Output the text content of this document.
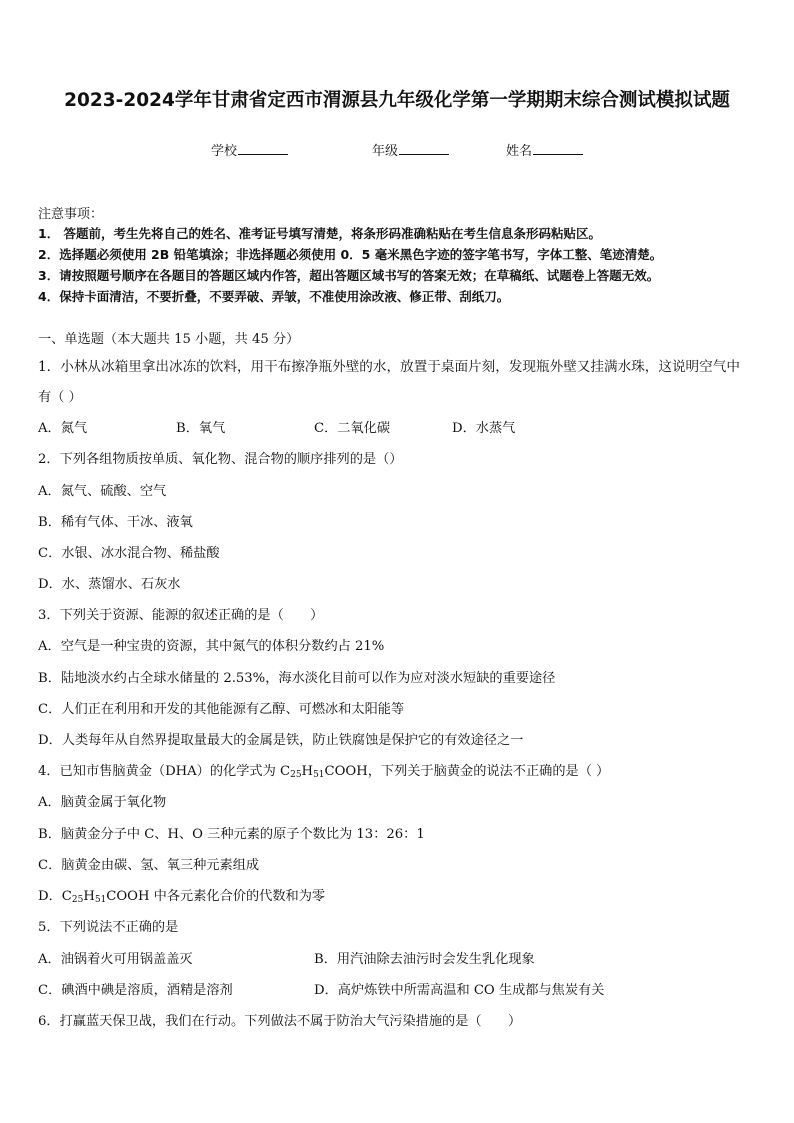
2023-2024学年甘肃省定西市渭源县九年级化学第一学期期末综合测试模拟试题
学校	年级	姓名
注意事项：
1． 答题前，考生先将自己的姓名、准考证号填写清楚，将条形码准确粘贴在考生信息条形码粘贴区。
2．选择题必须使用 2B 铅笔填涂；非选择题必须使用 0．5 毫米黑色字迹的签字笔书写，字体工整、笔迹清楚。
3．请按照题号顺序在各题目的答题区域内作答，超出答题区域书写的答案无效；在草稿纸、试题卷上答题无效。
4．保持卡面清洁，不要折叠，不要弄破、弄皱，不准使用涂改液、修正带、刮纸刀。
一、单选题（本大题共 15 小题，共 45 分）
1．小林从冰箱里拿出冰冻的饮料，用干布擦净瓶外壁的水，放置于桌面片刻，发现瓶外壁又挂满水珠，这说明空气中
有（ ）
A．氮气	B．氧气	C．二氧化碳	D．水蒸气
2．下列各组物质按单质、氧化物、混合物的顺序排列的是（）
A．氮气、硫酸、空气
B．稀有气体、干冰、液氧
C．水银、冰水混合物、稀盐酸
D．水、蒸馏水、石灰水
3．下列关于资源、能源的叙述正确的是（　　）
A．空气是一种宝贵的资源，其中氮气的体积分数约占 21%
B．陆地淡水约占全球水储量的 2.53%，海水淡化目前可以作为应对淡水短缺的重要途径
C．人们正在利用和开发的其他能源有乙醇、可燃冰和太阳能等
D．人类每年从自然界提取量最大的金属是铁，防止铁腐蚀是保护它的有效途径之一
4．已知市售脑黄金（DHA）的化学式为 $C_{25}H_{51}COOH$，下列关于脑黄金的说法不正确的是（ ）
A．脑黄金属于氧化物
B．脑黄金分子中 C、H、O 三种元素的原子个数比为 13：26：1
C．脑黄金由碳、氢、氧三种元素组成
D．$C_{25}H_{51}COOH$ 中各元素化合价的代数和为零
5．下列说法不正确的是
A．油锅着火可用锅盖盖灭	B．用汽油除去油污时会发生乳化现象
C．碘酒中碘是溶质，酒精是溶剂	D．高炉炼铁中所需高温和 CO 生成都与焦炭有关
6．打赢蓝天保卫战，我们在行动。下列做法不属于防治大气污染措施的是（　　）
